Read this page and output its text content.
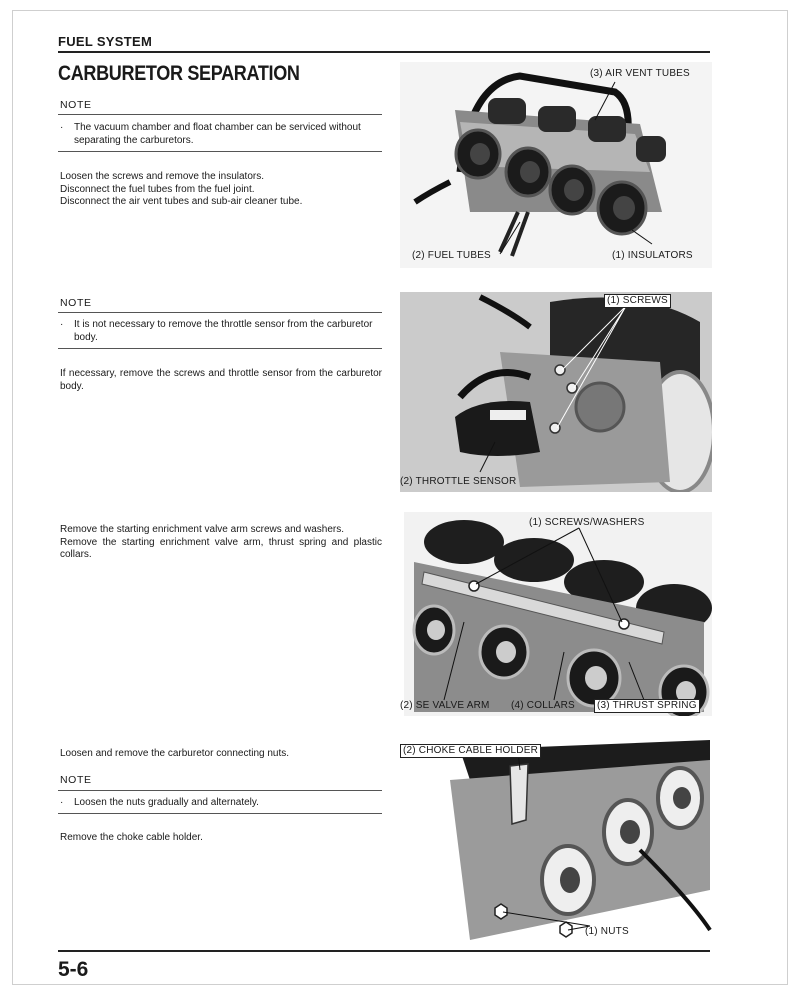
FUEL SYSTEM
CARBURETOR SEPARATION
NOTE
·	The vacuum chamber and float chamber can be serviced without separating the carburetors.

Loosen the screws and remove the insulators.

Disconnect the fuel tubes from the fuel joint.

Disconnect the air vent tubes and sub-air cleaner tube.

(3) AIR VENT TUBES
(2) FUEL TUBES	(1) INSULATORS
NOTE
·	It is not necessary to remove the throttle sensor from the carburetor body.

If necessary, remove the screws and throttle sensor from the carburetor body.

(1) SCREWS
(2) THROTTLE SENSOR

Remove the starting enrichment valve arm screws and washers.

Remove the starting enrichment valve arm, thrust spring and plastic collars.

(1) SCREWS/WASHERS
(2) SE VALVE ARM (4) COLLARS	(3) THRUST SPRING

Loosen and remove the carburetor connecting nuts.

NOTE
·	Loosen the nuts gradually and alternately.

Remove the choke cable holder.

(2) CHOKE CABLE HOLDER
(1) NUTS
5-6
